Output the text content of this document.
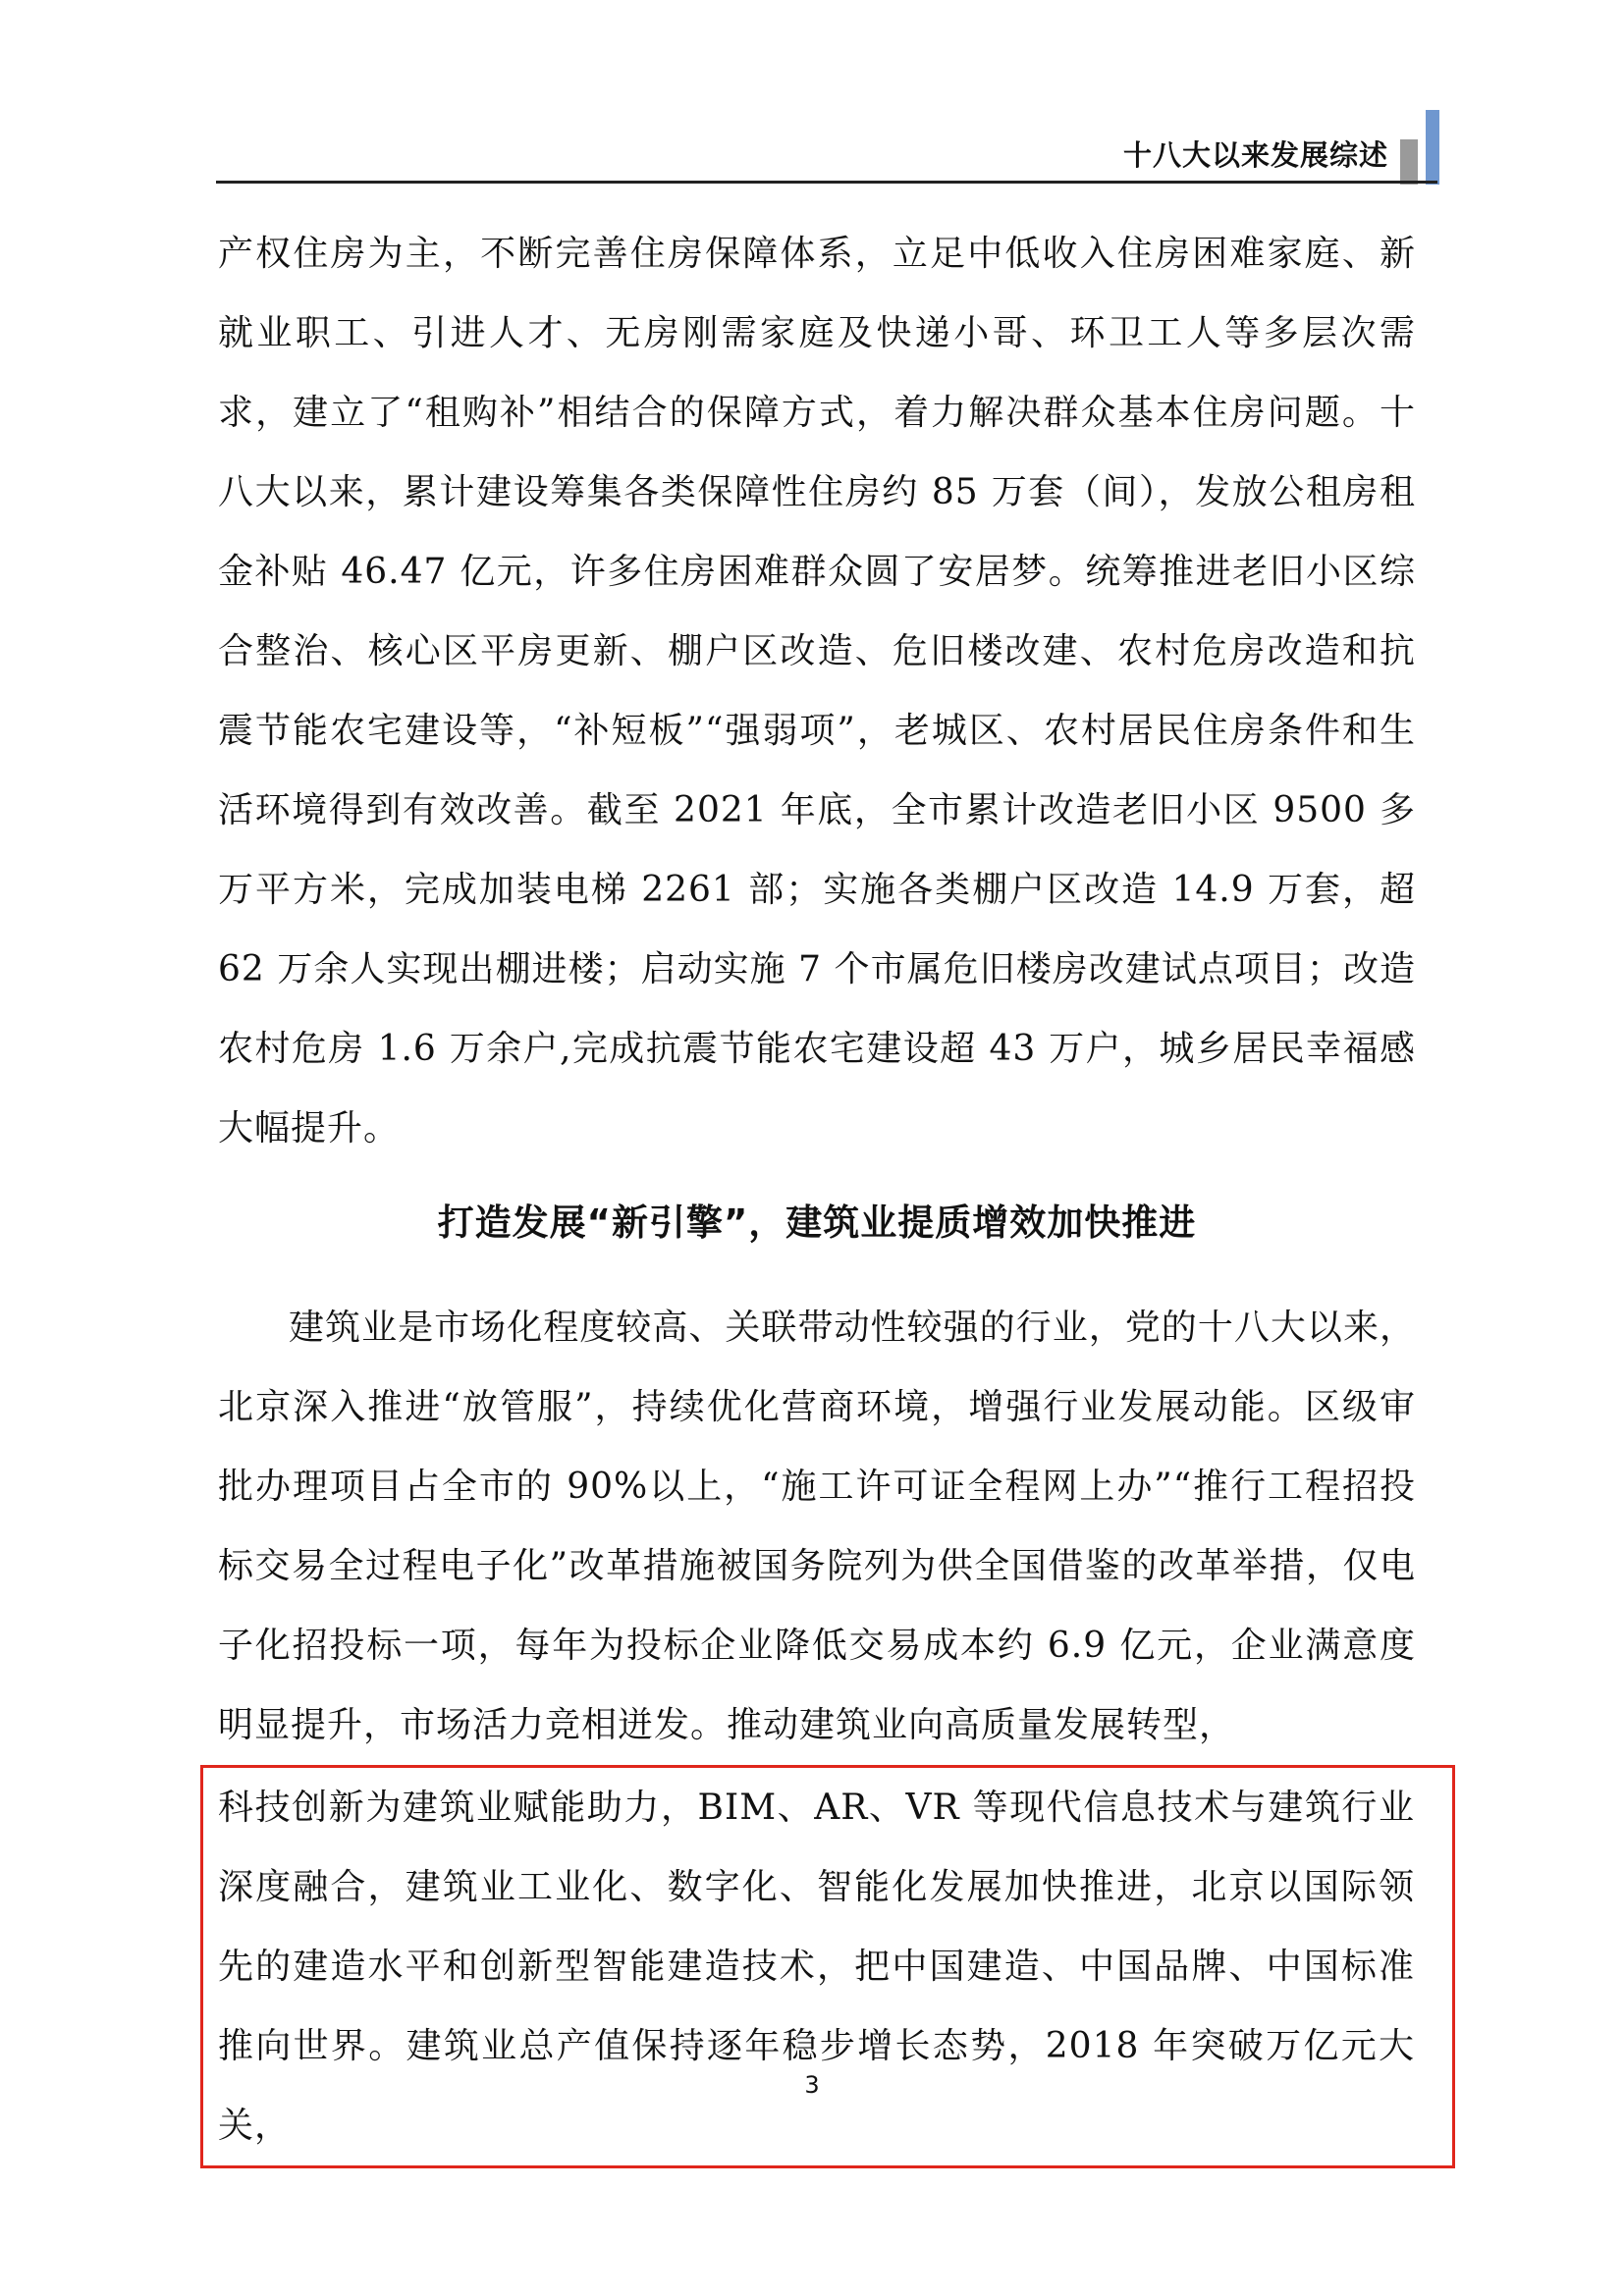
十八大以来发展综述

产权住房为主，不断完善住房保障体系，立足中低收入住房困难家庭、新就业职工、引进人才、无房刚需家庭及快递小哥、环卫工人等多层次需求，建立了“租购补”相结合的保障方式，着力解决群众基本住房问题。十八大以来，累计建设筹集各类保障性住房约 85 万套（间），发放公租房租金补贴 46.47 亿元，许多住房困难群众圆了安居梦。统筹推进老旧小区综合整治、核心区平房更新、棚户区改造、危旧楼改建、农村危房改造和抗震节能农宅建设等，“补短板”“强弱项”，老城区、农村居民住房条件和生活环境得到有效改善。截至 2021 年底，全市累计改造老旧小区 9500 多万平方米，完成加装电梯 2261 部；实施各类棚户区改造 14.9 万套，超 62 万余人实现出棚进楼；启动实施 7 个市属危旧楼房改建试点项目；改造农村危房 1.6 万余户,完成抗震节能农宅建设超 43 万户，城乡居民幸福感大幅提升。

打造发展“新引擎”，建筑业提质增效加快推进

建筑业是市场化程度较高、关联带动性较强的行业，党的十八大以来，北京深入推进“放管服”，持续优化营商环境，增强行业发展动能。区级审批办理项目占全市的 90%以上，“施工许可证全程网上办”“推行工程招投标交易全过程电子化”改革措施被国务院列为供全国借鉴的改革举措，仅电子化招投标一项，每年为投标企业降低交易成本约 6.9 亿元，企业满意度明显提升，市场活力竞相迸发。推动建筑业向高质量发展转型，

科技创新为建筑业赋能助力，BIM、AR、VR 等现代信息技术与建筑行业深度融合，建筑业工业化、数字化、智能化发展加快推进，北京以国际领先的建造水平和创新型智能建造技术，把中国建造、中国品牌、中国标准推向世界。建筑业总产值保持逐年稳步增长态势，2018 年突破万亿元大关，

3
